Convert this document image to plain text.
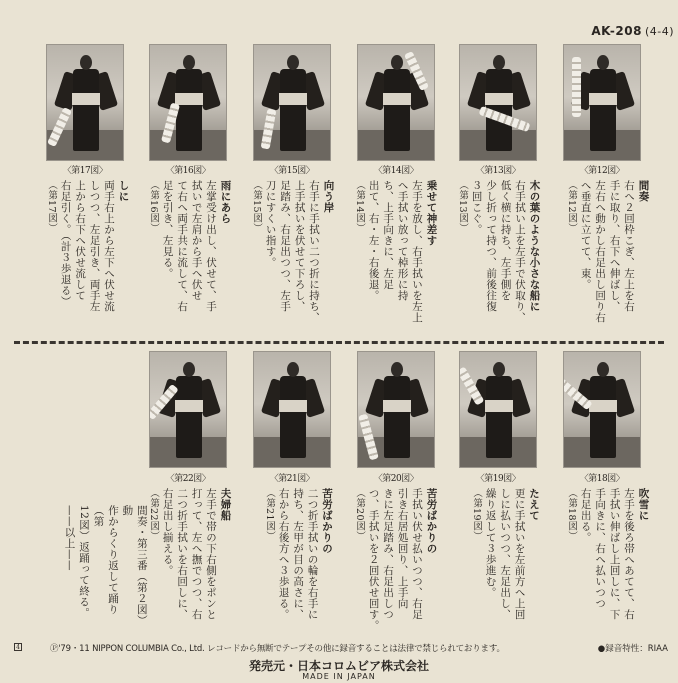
AK-208 (4-4)
〈第17図〉	〈第16図〉	〈第15図〉	〈第14図〉	〈第13図〉	〈第12図〉
間奏
右へ２回枠こぎ、左上を右
手に取り、右下へ伸ばし、
左右へ動かし右足出し回り右
へ垂直に立てて、東。
（第12図）
木の葉のような小さな船に
右手拭い上を左手で伏取り、
低く横に持ち、左手側を
少し折って持つ、前後往復
３回こぐ。
（第13図）
乗せて神差す
左手を放し、右手拭いを左上
へ手拭い放って棹形に持
ち、上手向きに、左足
出て、右・左・右後退。
（第14図）
向う岸
右手に手拭い二つ折に持ち、
上手拭いを伏せて下ろし、
足踏み、右足出つつ、左手
刀にすくい指す。
（第15図）
雨にあら
左掌受け出し、伏せて、手
拭いで左肩から手へ伏せ
て右へ両手共に流して、右
足を引き、左見る。
（第16図）
しに
両手右上から左下へ伏せ流
しつつ、左足引き、両手左
上から右下へ伏せ流して
右足引く。（計３歩退る）
（第17図）
〈第22図〉	〈第21図〉	〈第20図〉	〈第19図〉	〈第18図〉
吹雪に
左手を後ろ帯へあてて、右
手拭い伸ばし上回しに、下
手向きに、右へ払いつつ
右足出る。
（第18図）
たえて
更に手拭いを左前方へ上回
しに払いつつ、左足出し、
繰り返して３歩進む。
（第19図）
苦労ばかりの
手拭い伏せ払いつつ、右足
引き右居処回り、上手向
きに左足踏み、右足出しつ
つ、手拭いを２回伏せ回す。
（第20図）
苦労ばかりの
二つ折手拭いの輪を右手に
持ち、左甲が目の高さに、
右から右後方へ３歩退る。
（第21図）
夫婦船
左手で帯の下右側をポンと
打って、左へ撫でつつ、右
二つ折手拭いを右回しに、
右足出し揃える。
（第22図）
間奏・第三番（第２図）動
作からくり返して踊り（第
12図）返踊って終る。
——以上——
4	Ⓟ'79・11 NIPPON COLUMBIA Co., Ltd. レコードから無断でテープその他に録音することは法律で禁じられております。	●録音特性：RIAA
発売元・日本コロムビア株式会社
MADE IN JAPAN
